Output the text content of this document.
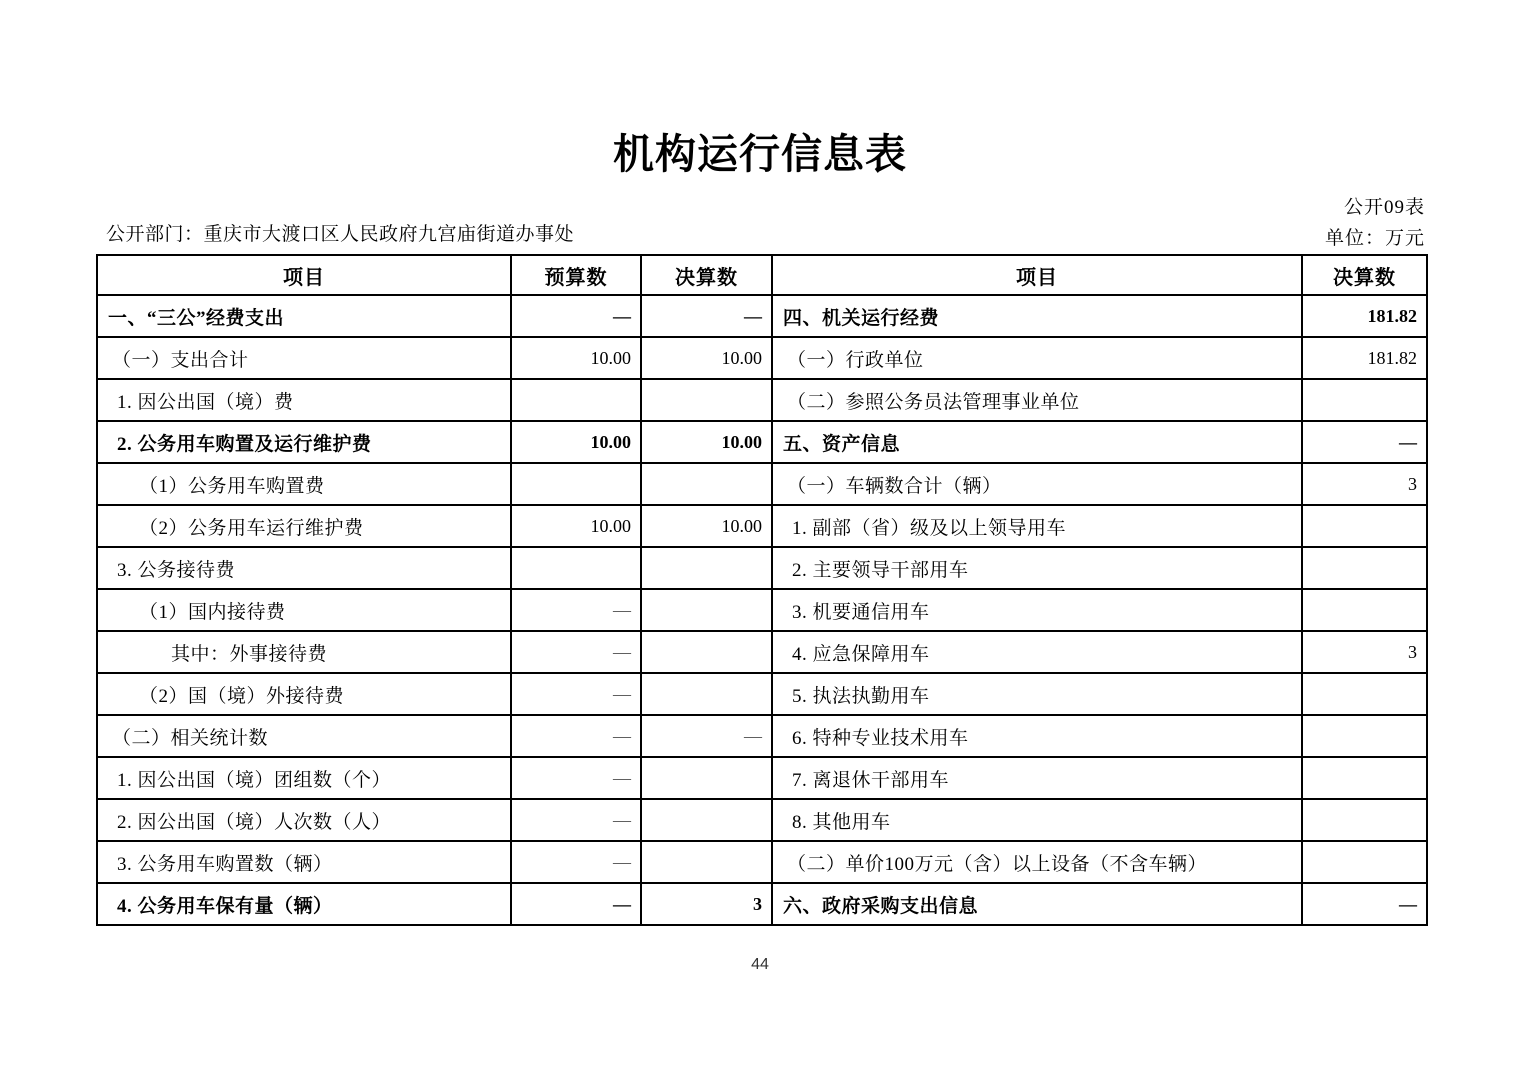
机构运行信息表
公开09表
公开部门：重庆市大渡口区人民政府九宫庙街道办事处	单位：万元
项目	预算数	决算数	项目	决算数
一、“三公”经费支出	—	—	四、机关运行经费	181.82
（一）支出合计	10.00	10.00	（一）行政单位	181.82
1. 因公出国（境）费			（二）参照公务员法管理事业单位	
2. 公务用车购置及运行维护费	10.00	10.00	五、资产信息	—
（1）公务用车购置费			（一）车辆数合计（辆）	3
（2）公务用车运行维护费	10.00	10.00	1. 副部（省）级及以上领导用车	
3. 公务接待费			2. 主要领导干部用车	
（1）国内接待费	—		3. 机要通信用车	
其中：外事接待费	—		4. 应急保障用车	3
（2）国（境）外接待费	—		5. 执法执勤用车	
（二）相关统计数	—	—	6. 特种专业技术用车	
1. 因公出国（境）团组数（个）	—		7. 离退休干部用车	
2. 因公出国（境）人次数（人）	—		8. 其他用车	
3. 公务用车购置数（辆）	—		（二）单价100万元（含）以上设备（不含车辆）	
4. 公务用车保有量（辆）	—	3	六、政府采购支出信息	—
44
